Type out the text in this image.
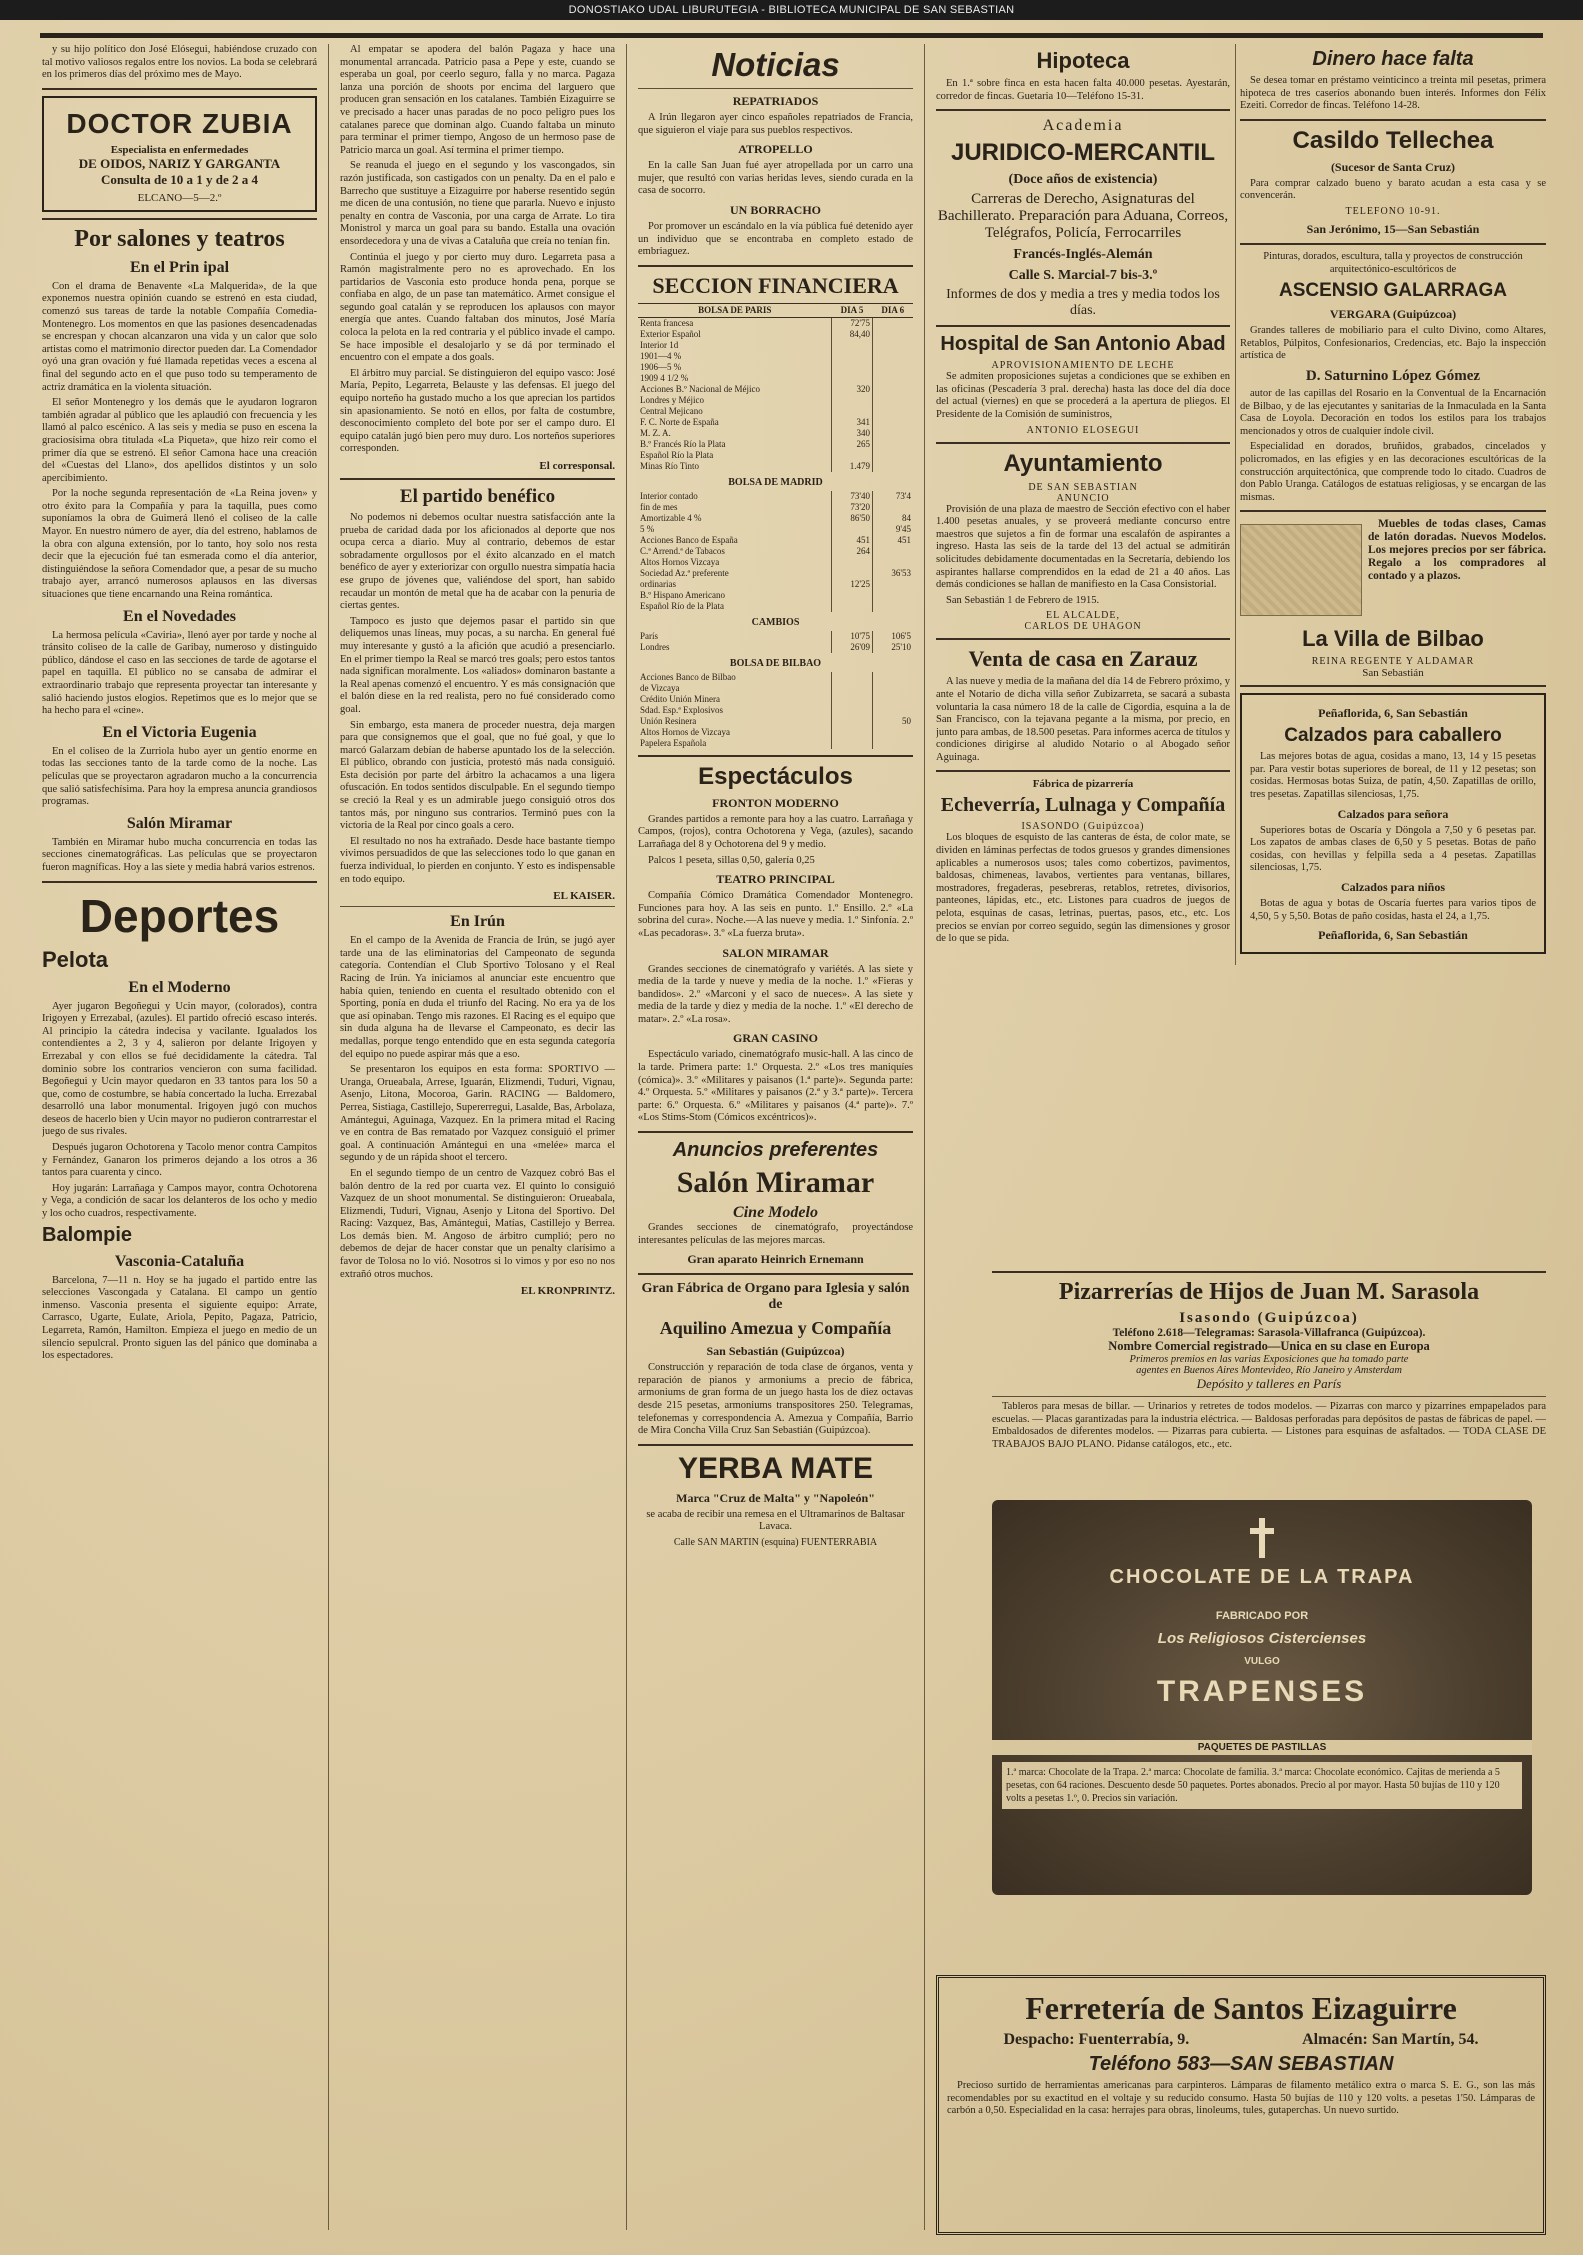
DONOSTIAKO UDAL LIBURUTEGIA - BIBLIOTECA MUNICIPAL DE SAN SEBASTIAN

y su hijo político don José Elósegui, habiéndose cruzado con tal motivo valiosos regalos entre los novios. La boda se celebrará en los primeros días del próximo mes de Mayo.

DOCTOR ZUBIA
Especialista en enfermedades
DE OIDOS, NARIZ Y GARGANTA
Consulta de 10 a 1 y de 2 a 4
ELCANO—5—2.º
Por salones y teatros
En el Prin ipal

Con el drama de Benavente «La Malquerida», de la que exponemos nuestra opinión cuando se estrenó en esta ciudad, comenzó sus tareas de tarde la notable Compañía Comedia-Montenegro. Los momentos en que las pasiones desencadenadas se encrespan y chocan alcanzaron una vida y un calor que solo artistas como el matrimonio director pueden dar. La Comendador oyó una gran ovación y fué llamada repetidas veces a escena al final del segundo acto en el que puso todo su temperamento de actriz dramática en la violenta situación.

El señor Montenegro y los demás que le ayudaron lograron también agradar al público que les aplaudió con frecuencia y les llamó al palco escénico. A las seis y media se puso en escena la graciosísima obra titulada «La Piqueta», que hizo reir como el primer día que se estrenó. El señor Camona hace una creación del «Cuestas del Llano», dos apellidos distintos y un solo apercibimiento.

Por la noche segunda representación de «La Reina joven» y otro éxito para la Compañía y para la taquilla, pues como suponíamos la obra de Guimerá llenó el coliseo de la calle Mayor. En nuestro número de ayer, día del estreno, hablamos de la obra con alguna extensión, por lo tanto, hoy solo nos resta decir que la ejecución fué tan esmerada como el día anterior, distinguiéndose la señora Comendador que, a pesar de su mucho trabajo ayer, arrancó numerosos aplausos en las diversas situaciones que tiene encarnando una Reina romántica.

En el Novedades

La hermosa película «Caviria», llenó ayer por tarde y noche al tránsito coliseo de la calle de Garibay, numeroso y distinguido público, dándose el caso en las secciones de tarde de agotarse el papel en taquilla. El público no se cansaba de admirar el extraordinario trabajo que representa proyectar tan interesante y salió haciendo justos elogios. Repetimos que es lo mejor que se ha hecho para el «cine».

En el Victoria Eugenia

En el coliseo de la Zurriola hubo ayer un gentío enorme en todas las secciones tanto de la tarde como de la noche. Las películas que se proyectaron agradaron mucho a la concurrencia que salió satisfechísima. Para hoy la empresa anuncia grandiosos programas.

Salón Miramar

También en Miramar hubo mucha concurrencia en todas las secciones cinematográficas. Las películas que se proyectaron fueron magníficas. Hoy a las siete y media habrá varios estrenos.

Deportes
Pelota
En el Moderno

Ayer jugaron Begoñegui y Ucin mayor, (colorados), contra Irigoyen y Errezabal, (azules). El partido ofreció escaso interés. Al principio la cátedra indecisa y vacilante. Igualados los contendientes a 2, 3 y 4, salieron por delante Irigoyen y Errezabal y con ellos se fué decididamente la cátedra. Tal dominio sobre los contrarios vencieron con suma facilidad. Begoñegui y Ucin mayor quedaron en 33 tantos para los 50 a que, como de costumbre, se había concertado la lucha. Errezabal desarrolló una labor monumental. Irigoyen jugó con muchos deseos de hacerlo bien y Ucin mayor no pudieron contrarrestar el juego de sus rivales.

Después jugaron Ochotorena y Tacolo menor contra Campitos y Fernández, Ganaron los primeros dejando a los otros a 36 tantos para cuarenta y cinco.

Hoy jugarán: Larrañaga y Campos mayor, contra Ochotorena y Vega, a condición de sacar los delanteros de los ocho y medio y los ocho cuadros, respectivamente.

Balompie
Vasconia-Cataluña

Barcelona, 7—11 n. Hoy se ha jugado el partido entre las selecciones Vascongada y Catalana. El campo un gentío inmenso. Vasconia presenta el siguiente equipo: Arrate, Carrasco, Ugarte, Eulate, Ariola, Pepito, Pagaza, Patricio, Legarreta, Ramón, Hamilton. Empieza el juego en medio de un silencio sepulcral. Pronto siguen las del pánico que dominaba a los espectadores.

Al empatar se apodera del balón Pagaza y hace una monumental arrancada. Patricio pasa a Pepe y este, cuando se esperaba un goal, por ceerlo seguro, falla y no marca. Pagaza lanza una porción de shoots por encima del larguero que producen gran sensación en los catalanes. También Eizaguirre se ve precisado a hacer unas paradas de no poco peligro pues los catalanes parece que dominan algo. Cuando faltaba un minuto para terminar el primer tiempo, Angoso de un hermoso pase de Patricio marca un goal. Así termina el primer tiempo.

Se reanuda el juego en el segundo y los vascongados, sin razón justificada, son castigados con un penalty. Da en el palo e Barrecho que sustituye a Eizaguirre por haberse resentido según me dicen de una contusión, no tiene que pararla. Nuevo e injusto penalty en contra de Vasconia, por una carga de Arrate. Lo tira Monistrol y marca un goal para su bando. Estalla una ovación ensordecedora y una de vivas a Cataluña que creía no tenían fin.

Continúa el juego y por cierto muy duro. Legarreta pasa a Ramón magistralmente pero no es aprovechado. En los partidarios de Vasconia esto produce honda pena, porque se confiaba en algo, de un pase tan matemático. Armet consigue el segundo goal catalán y se reproducen los aplausos con mayor energía que antes. Cuando faltaban dos minutos, José María coloca la pelota en la red contraria y el público invade el campo. Se hace imposible el desalojarlo y se dá por terminado el encuentro con el empate a dos goals.

El árbitro muy parcial. Se distinguieron del equipo vasco: José María, Pepito, Legarreta, Belauste y las defensas. El juego del equipo norteño ha gustado mucho a los que aprecian los partidos sin apasionamiento. Se notó en ellos, por falta de costumbre, desconocimiento completo del bote por ser el campo duro. El equipo catalán jugó bien pero muy duro. Los norteños superiores corresponden.

El corresponsal.
El partido benéfico

No podemos ni debemos ocultar nuestra satisfacción ante la prueba de caridad dada por los aficionados al deporte que nos ocupa cerca a diario. Muy al contrario, debemos de estar sobradamente orgullosos por el éxito alcanzado en el match benéfico de ayer y exteriorizar con orgullo nuestra simpatía hacia ese grupo de jóvenes que, valiéndose del sport, han sabido recaudar un montón de metal que ha de acabar con la penuria de ciertas gentes.

Tampoco es justo que dejemos pasar el partido sin que deliquemos unas líneas, muy pocas, a su narcha. En general fué muy interesante y gustó a la afición que acudió a presenciarlo. En el primer tiempo la Real se marcó tres goals; pero estos tantos nada significan moralmente. Los «aliados» dominaron bastante a la Real apenas comenzó el encuentro. Y es más consignación que el balón diese en la red realista, pero no fué considerado como goal.

Sin embargo, esta manera de proceder nuestra, deja margen para que consignemos que el goal, que no fué goal, y que lo marcó Galarzam debían de haberse apuntado los de la selección. El público, obrando con justicia, protestó más nada consiguió. Esta decisión por parte del árbitro la achacamos a una ligera ofuscación. En todos sentidos disculpable. En el segundo tiempo se creció la Real y es un admirable juego consiguió otros dos tantos más, por ninguno sus contrarios. Terminó pues con la victoria de la Real por cinco goals a cero.

El resultado no nos ha extrañado. Desde hace bastante tiempo vivimos persuadidos de que las selecciones todo lo que ganan en fuerza individual, lo pierden en conjunto. Y esto es indispensable en todo equipo.

EL KAISER.
En Irún

En el campo de la Avenida de Francia de Irún, se jugó ayer tarde una de las eliminatorias del Campeonato de segunda categoría. Contendían el Club Sportivo Tolosano y el Real Racing de Irún. Ya iniciamos al anunciar este encuentro que había quien, teniendo en cuenta el resultado obtenido con el Sporting, ponía en duda el triunfo del Racing. No era ya de los que así opinaban. Tengo mis razones. El Racing es el equipo que sin duda alguna ha de llevarse el Campeonato, es decir las medallas, porque tengo entendido que en esta segunda categoría del equipo no puede aspirar más que a eso.

Se presentaron los equipos en esta forma: SPORTIVO — Uranga, Orueabala, Arrese, Iguarán, Elizmendi, Tuduri, Vignau, Asenjo, Litona, Mocoroa, Garin. RACING — Baldomero, Perrea, Sistiaga, Castillejo, Supererregui, Lasalde, Bas, Arbolaza, Amántegui, Aguinaga, Vazquez. En la primera mitad el Racing ve en contra de Bas rematado por Vazquez consiguió el primer goal. A continuación Amántegui en una «melée» marca el segundo y de un rápida shoot el tercero.

En el segundo tiempo de un centro de Vazquez cobró Bas el balón dentro de la red por cuarta vez. El quinto lo consiguió Vazquez de un shoot monumental. Se distinguieron: Orueabala, Elizmendi, Tuduri, Vignau, Asenjo y Litona del Sportivo. Del Racing: Vazquez, Bas, Amántegui, Matías, Castillejo y Berrea. Los demás bien. M. Angoso de árbitro cumplió; pero no debemos de dejar de hacer constar que un penalty clarísimo a favor de Tolosa no lo vió. Nosotros si lo vimos y por eso no nos extrañó otros muchos.

EL KRONPRINTZ.
Noticias
REPATRIADOS

A Irún llegaron ayer cinco españoles repatriados de Francia, que siguieron el viaje para sus pueblos respectivos.

ATROPELLO

En la calle San Juan fué ayer atropellada por un carro una mujer, que resultó con varias heridas leves, siendo curada en la casa de socorro.

UN BORRACHO

Por promover un escándalo en la vía pública fué detenido ayer un individuo que se encontraba en completo estado de embriaguez.

SECCION FINANCIERA
BOLSA DE PARIS	DIA 5	DIA 6
Renta francesa	72'75	
Exterior Español	84,40	
Interior 1d		
1901—4 %		
1906—5 %		
1909 4 1/2 %		
Acciones B.º Nacional de Méjico	320	
Londres y Méjico		
Central Mejicano		
F. C. Norte de España	341	
M. Z. A.	340	
B.º Francés Río la Plata	265	
Español Río la Plata		
Minas Río Tinto	1.479	
BOLSA DE MADRID
Interior contado	73'40	73'4
fin de mes	73'20	
Amortizable 4 %	86'50	84
5 %		9'45
Acciones Banco de España	451	451
C.ª Arrend.ª de Tabacos	264	
Altos Hornos Vizcaya		
Sociedad Az.ª preferente		36'53
ordinarias	12'25	
B.º Hispano Americano		
Español Río de la Plata		
CAMBIOS
París	10'75	106'5
Londres	26'09	25'10
BOLSA DE BILBAO
Acciones Banco de Bilbao		
de Vizcaya		
Crédito Unión Minera		
Sdad. Esp.ª Explosivos		
Unión Resinera		50
Altos Hornos de Vizcaya		
Papelera Española		
Espectáculos
FRONTON MODERNO

Grandes partidos a remonte para hoy a las cuatro. Larrañaga y Campos, (rojos), contra Ochotorena y Vega, (azules), sacando Larrañaga del 8 y Ochotorena del 9 y medio.

Palcos 1 peseta, sillas 0,50, galería 0,25

TEATRO PRINCIPAL

Compañía Cómico Dramática Comendador Montenegro. Funciones para hoy. A las seis en punto. 1.º Ensillo. 2.º «La sobrina del cura». Noche.—A las nueve y media. 1.º Sinfonía. 2.º «Las pecadoras». 3.º «La fuerza bruta».

SALON MIRAMAR

Grandes secciones de cinematógrafo y variétés. A las siete y media de la tarde y nueve y media de la noche. 1.º «Fieras y bandidos». 2.º «Marconi y el saco de nueces». A las siete y media de la tarde y diez y media de la noche. 1.º «El derecho de matar». 2.º «La rosa».

GRAN CASINO

Espectáculo variado, cinematógrafo music-hall. A las cinco de la tarde. Primera parte: 1.º Orquesta. 2.º «Los tres maniquíes (cómica)». 3.º «Militares y paisanos (1.ª parte)». Segunda parte: 4.º Orquesta. 5.º «Militares y paisanos (2.ª y 3.ª parte)». Tercera parte: 6.º Orquesta. 6.º «Militares y paisanos (4.ª parte)». 7.º «Los Stims-Stom (Cómicos excéntricos)».

Anuncios preferentes
Salón Miramar
Cine Modelo

Grandes secciones de cinematógrafo, proyectándose interesantes películas de las mejores marcas.

Gran aparato Heinrich Ernemann
Gran Fábrica de Organo para Iglesia y salón de
Aquilino Amezua y Compañía
San Sebastián (Guipúzcoa)

Construcción y reparación de toda clase de órganos, venta y reparación de pianos y armoniums a precio de fábrica, armoniums de gran forma de un juego hasta los de diez octavas desde 215 pesetas, armoniums transpositores 250. Telegramas, telefonemas y correspondencia A. Amezua y Compañía, Barrio de Mira Concha Villa Cruz San Sebastián (Guipúzcoa).

YERBA MATE
Marca "Cruz de Malta" y "Napoleón"

se acaba de recibir una remesa en el Ultramarinos de Baltasar Lavaca.

Calle SAN MARTIN (esquina) FUENTERRABIA
Hipoteca

En 1.ª sobre finca en esta hacen falta 40.000 pesetas. Ayestarán, corredor de fincas. Guetaria 10—Teléfono 15-31.

Academia
JURIDICO-MERCANTIL
(Doce años de existencia)

Carreras de Derecho, Asignaturas del Bachillerato. Preparación para Aduana, Correos, Telégrafos, Policía, Ferrocarriles

Francés-Inglés-Alemán
Calle S. Marcial-7 bis-3.º

Informes de dos y media a tres y media todos los días.

Hospital de San Antonio Abad
APROVISIONAMIENTO DE LECHE

Se admiten proposiciones sujetas a condiciones que se exhiben en las oficinas (Pescadería 3 pral. derecha) hasta las doce del día doce del actual (viernes) en que se procederá a la apertura de pliegos. El Presidente de la Comisión de suministros,

ANTONIO ELOSEGUI
Ayuntamiento
DE SAN SEBASTIAN
ANUNCIO

Provisión de una plaza de maestro de Sección efectivo con el haber 1.400 pesetas anuales, y se proveerá mediante concurso entre maestros que sujetos a fin de formar una escalafón de aspirantes a ingreso. Hasta las seis de la tarde del 13 del actual se admitirán solicitudes debidamente documentadas en la Secretaría, debiendo los aspirantes hallarse comprendidos en la edad de 21 a 40 años. Las demás condiciones se hallan de manifiesto en la Casa Consistorial.

San Sebastián 1 de Febrero de 1915.

EL ALCALDE,
CARLOS DE UHAGON
Venta de casa en Zarauz

A las nueve y media de la mañana del día 14 de Febrero próximo, y ante el Notario de dicha villa señor Zubizarreta, se sacará a subasta voluntaria la casa número 18 de la calle de Cigordia, esquina a la de San Francisco, con la tejavana pegante a la misma, por precio, en junto para ambas, de 18.500 pesetas. Para informes acerca de títulos y condiciones dirigirse al aludido Notario o al Abogado señor Aguinaga.

Fábrica de pizarrería
Echeverría, Lulnaga y Compañía
ISASONDO (Guipúzcoa)

Los bloques de esquisto de las canteras de ésta, de color mate, se dividen en láminas perfectas de todos gruesos y grandes dimensiones aplicables a numerosos usos; tales como cobertizos, pavimentos, baldosas, chimeneas, lavabos, vertientes para ventanas, billares, mostradores, fregaderas, pesebreras, retablos, retretes, divisorios, panteones, lápidas, etc., etc. Listones para cuadros de juegos de pelota, esquinas de casas, letrinas, puertas, pasos, etc., etc. Los precios se envían por correo seguido, según las dimensiones y grosor de lo que se pida.

Dinero hace falta

Se desea tomar en préstamo veinticinco a treinta mil pesetas, primera hipoteca de tres caseríos abonando buen interés. Informes don Félix Ezeiti. Corredor de fincas. Teléfono 14-28.

Casildo Tellechea
(Sucesor de Santa Cruz)

Para comprar calzado bueno y barato acudan a esta casa y se convencerán.

TELEFONO 10-91.
San Jerónimo, 15—San Sebastián

Pinturas, dorados, escultura, talla y proyectos de construcción arquitectónico-escultóricos de

ASCENSIO GALARRAGA
VERGARA (Guipúzcoa)

Grandes talleres de mobiliario para el culto Divino, como Altares, Retablos, Púlpitos, Confesionarios, Credencias, etc. Bajo la inspección artística de

D. Saturnino López Gómez

autor de las capillas del Rosario en la Conventual de la Encarnación de Bilbao, y de las ejecutantes y sanitarias de la Inmaculada en la Santa Casa de Loyola. Decoración en todos los estilos para los trabajos mencionados y otros de cualquier índole civil.

Especialidad en dorados, bruñidos, grabados, cincelados y policromados, en las efigies y en las decoraciones escultóricas de la construcción arquitectónica, que comprende todo lo citado. Cuadros de don Pablo Uranga. Catálogos de estatuas religiosas, y se encargan de las mismas.

Muebles de todas clases, Camas de latón doradas. Nuevos Modelos. Los mejores precios por ser fábrica. Regalo a los compradores al contado y a plazos.

La Villa de Bilbao
REINA REGENTE Y ALDAMAR
San Sebastián
Peñaflorida, 6, San Sebastián
Calzados para caballero

Las mejores botas de agua, cosidas a mano, 13, 14 y 15 pesetas par. Para vestir botas superiores de boreal, de 11 y 12 pesetas; son cosidas. Hermosas botas Suiza, de patín, 4,50. Zapatillas de orillo, tres pesetas. Zapatillas silenciosas, 1,75.

Calzados para señora

Superiores botas de Oscaría y Döngola a 7,50 y 6 pesetas par. Los zapatos de ambas clases de 6,50 y 5 pesetas. Botas de paño cosidas, con hevillas y felpilla seda a 4 pesetas. Zapatillas silenciosas, 1,75.

Calzados para niños

Botas de agua y botas de Oscaría fuertes para varios tipos de 4,50, 5 y 5,50. Botas de paño cosidas, hasta el 24, a 1,75.

Peñaflorida, 6, San Sebastián
Pizarrerías de Hijos de Juan M. Sarasola
Isasondo (Guipúzcoa)
Teléfono 2.618—Telegramas: Sarasola-Villafranca (Guipúzcoa).
Nombre Comercial registrado—Unica en su clase en Europa
Primeros premios en las varias Exposiciones que ha tomado parte
agentes en Buenos Aires Montevideo, Río Janeiro y Amsterdam
Depósito y talleres en París

Tableros para mesas de billar. — Urinarios y retretes de todos modelos. — Pizarras con marco y pizarrines empapelados para escuelas. — Placas garantizadas para la industria eléctrica. — Baldosas perforadas para depósitos de pastas de fábricas de papel. — Embaldosados de diferentes modelos. — Pizarras para cubierta. — Listones para esquinas de asfaltados. — TODA CLASE DE TRABAJOS BAJO PLANO. Pidanse catálogos, etc., etc.

CHOCOLATE DE LA TRAPA
FABRICADO POR
Los Religiosos Cistercienses
VULGO
TRAPENSES
PAQUETES DE PASTILLAS
1.ª marca: Chocolate de la Trapa. 2.ª marca: Chocolate de familia. 3.ª marca: Chocolate económico. Cajitas de merienda a 5 pesetas, con 64 raciones. Descuento desde 50 paquetes. Portes abonados. Precio al por mayor. Hasta 50 bujías de 110 y 120 volts a pesetas 1.º, 0. Precios sin variación.
Ferretería de Santos Eizaguirre
Despacho: Fuenterrabía, 9.	Almacén: San Martín, 54.
Teléfono 583—SAN SEBASTIAN

Precioso surtido de herramientas americanas para carpinteros. Lámparas de filamento metálico extra o marca S. E. G., son las más recomendables por su exactitud en el voltaje y su reducido consumo. Hasta 50 bujías de 110 y 120 volts. a pesetas 1'50. Lámparas de carbón a 0,50. Especialidad en la casa: herrajes para obras, linoleums, tules, gutaperchas. Un nuevo surtido.
